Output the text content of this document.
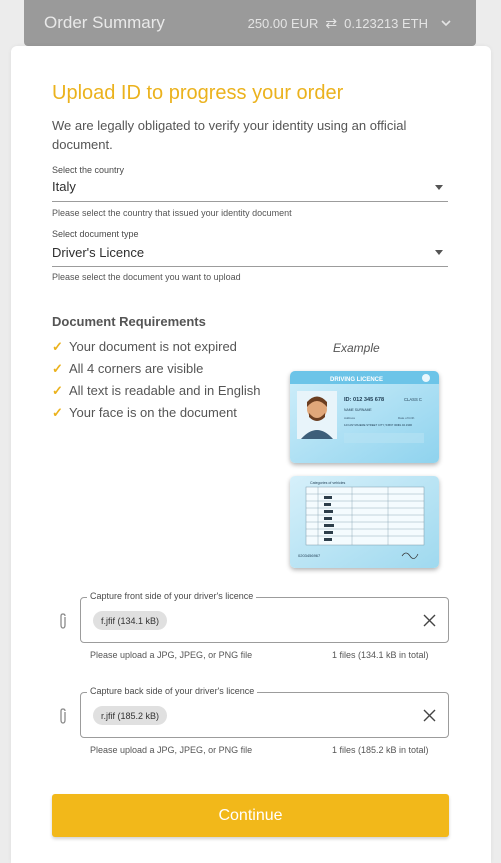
Order Summary	250.00 EUR ⇄ 0.123213 ETH
Upload ID to progress your order
We are legally obligated to verify your identity using an official document.
Select the country
Italy
Please select the country that issued your identity document
Select document type
Driver's Licence
Please select the document you want to upload
Document Requirements
✓ Your document is not expired
✓ All 4 corners are visible
✓ All text is readable and in English
✓ Your face is on the document
Example
DRIVING LICENCE
ID: 012 345 678	CLASS C
NAME SURNAME
Address
123 ANYWHERE STREET CITY, 54567 000
Date of birth
01.02.1990
Categories of vehicles
0203456967
Capture front side of your driver's licence
f.jfif (134.1 kB)
Please upload a JPG, JPEG, or PNG file	1 files (134.1 kB in total)
Capture back side of your driver's licence
r.jfif (185.2 kB)
Please upload a JPG, JPEG, or PNG file	1 files (185.2 kB in total)
Continue
